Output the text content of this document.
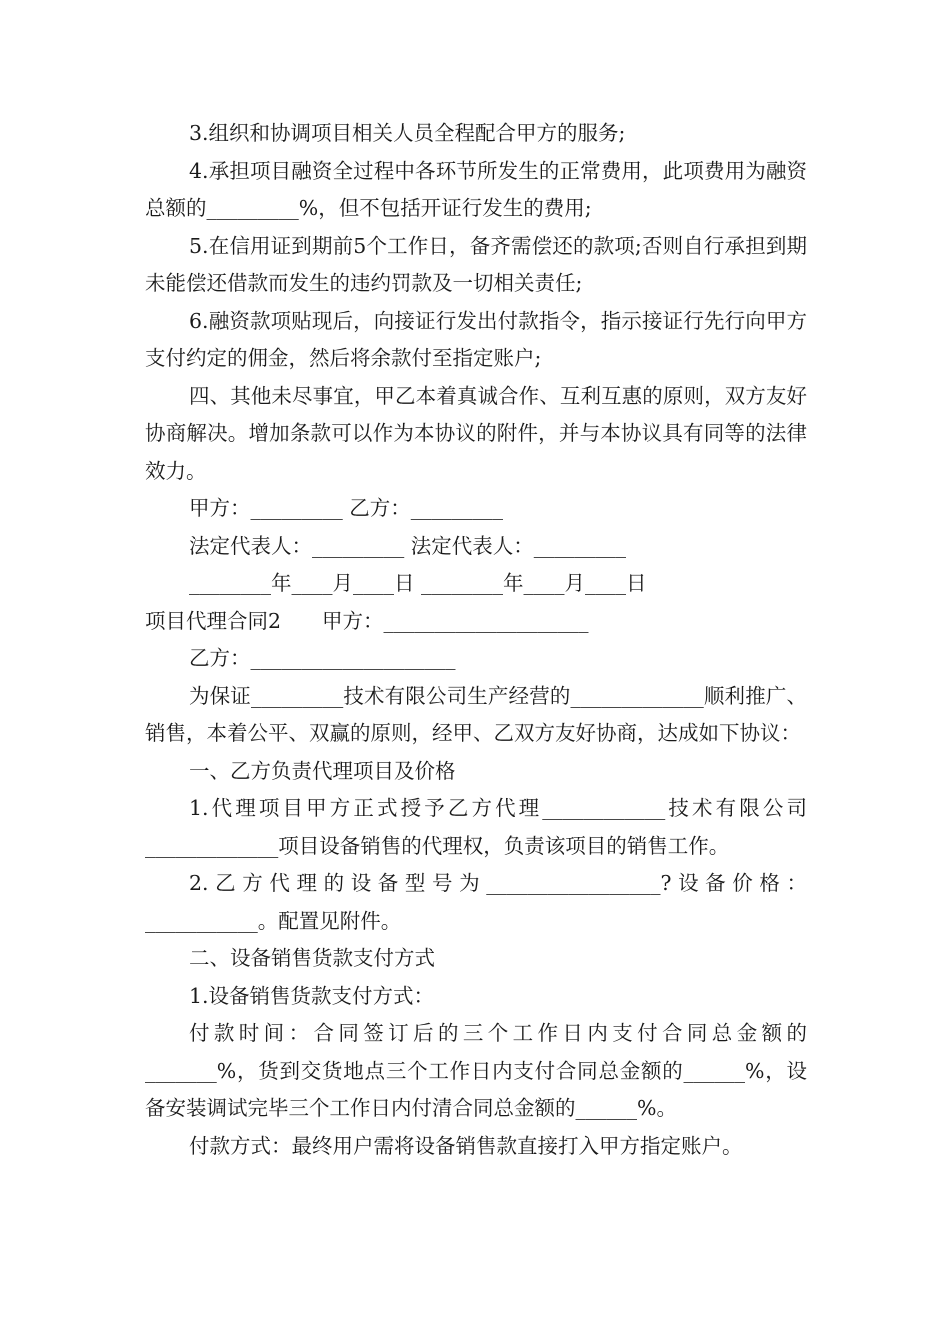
3.组织和协调项目相关人员全程配合甲方的服务;

4.承担项目融资全过程中各环节所发生的正常费用，此项费用为融资总额的_________%，但不包括开证行发生的费用;

5.在信用证到期前5个工作日，备齐需偿还的款项;否则自行承担到期未能偿还借款而发生的违约罚款及一切相关责任;

6.融资款项贴现后，向接证行发出付款指令，指示接证行先行向甲方支付约定的佣金，然后将余款付至指定账户;

四、其他未尽事宜，甲乙本着真诚合作、互利互惠的原则，双方友好协商解决。增加条款可以作为本协议的附件，并与本协议具有同等的法律效力。

甲方：_________ 乙方：_________

法定代表人：_________ 法定代表人：_________

________年____月____日 ________年____月____日

项目代理合同2　　甲方：____________________

乙方：____________________

为保证_________技术有限公司生产经营的_____________顺利推广、销售，本着公平、双赢的原则，经甲、乙双方友好协商，达成如下协议：

一、乙方负责代理项目及价格

1.代理项目甲方正式授予乙方代理____________技术有限公司_____________项目设备销售的代理权，负责该项目的销售工作。

2.乙方代理的设备型号为_________________?设备价格：___________。配置见附件。

二、设备销售货款支付方式

1.设备销售货款支付方式：

付款时间：合同签订后的三个工作日内支付合同总金额的_______%，货到交货地点三个工作日内支付合同总金额的______%，设备安装调试完毕三个工作日内付清合同总金额的______%。

付款方式：最终用户需将设备销售款直接打入甲方指定账户。
